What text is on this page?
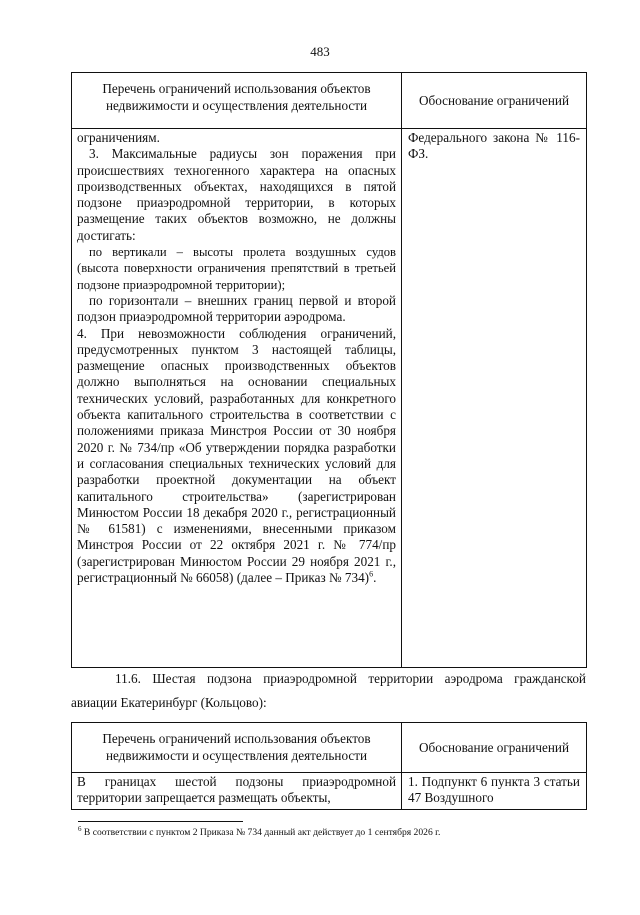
483
Перечень ограничений использования объектов недвижимости и осуществления деятельности	Обоснование ограничений

ограничениям.

3. Максимальные радиусы зон поражения при происшествиях техногенного характера на опасных производственных объектах, находящихся в пятой подзоне приаэродромной территории, в которых размещение таких объектов возможно, не должны достигать:

по вертикали – высоты пролета воздушных судов (высота поверхности ограничения препятствий в третьей подзоне приаэродромной территории);

по горизонтали – внешних границ первой и второй подзон приаэродромной территории аэродрома.

4. При невозможности соблюдения ограничений, предусмотренных пунктом 3 настоящей таблицы, размещение опасных производственных объектов должно выполняться на основании специальных технических условий, разработанных для конкретного объекта капитального строительства в соответствии с положениями приказа Минстроя России от 30 ноября 2020 г. № 734/пр «Об утверждении порядка разработки и согласования специальных технических условий для разработки проектной документации на объект капитального строительства» (зарегистрирован Минюстом России 18 декабря 2020 г., регистрационный № 61581) с изменениями, внесенными приказом Минстроя России от 22 октября 2021 г. № 774/пр (зарегистрирован Минюстом России 29 ноября 2021 г., регистрационный № 66058) (далее – Приказ № 734)$^6$.	Федерального закона № 116-ФЗ.

11.6. Шестая подзона приаэродромной территории аэродрома гражданской авиации Екатеринбург (Кольцово):

Перечень ограничений использования объектов недвижимости и осуществления деятельности	Обоснование ограничений

В границах шестой подзоны приаэродромной территории запрещается размещать объекты,	1. Подпункт 6 пункта 3 статьи 47 Воздушного

$^6$ В соответствии с пунктом 2 Приказа № 734 данный акт действует до 1 сентября 2026 г.
